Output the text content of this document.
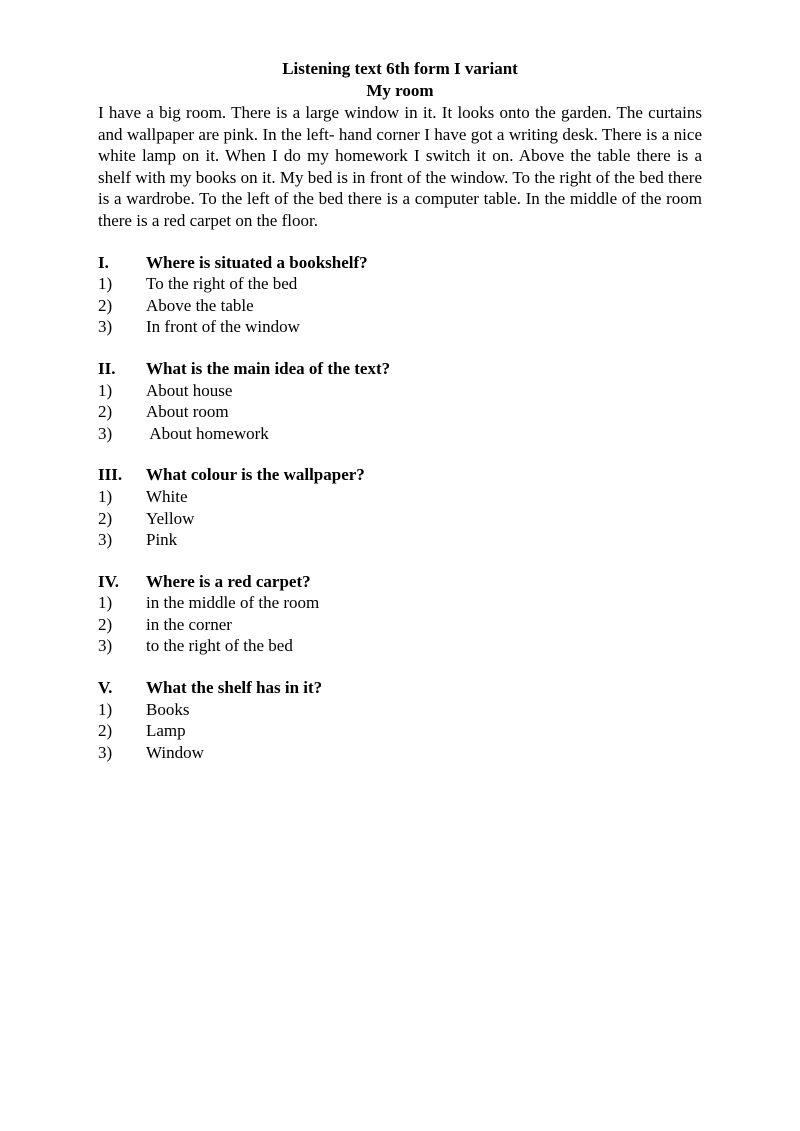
Listening text 6th form I variant
My room

I have a big room. There is a large window in it. It looks onto the garden. The curtains and wallpaper are pink. In the left- hand corner I have got a writing desk. There is a nice white lamp on it. When I do my homework I switch it on. Above the table there is a shelf with my books on it. My bed is in front of the window. To the right of the bed there is a wardrobe. To the left of the bed there is a computer table. In the middle of the room there is a red carpet on the floor.

I.	Where is situated a bookshelf?
1)	To the right of the bed
2)	Above the table
3)	In front of the window
II.	What is the main idea of the text?
1)	About house
2)	About room
3)	About homework
III.	What colour is the wallpaper?
1)	White
2)	Yellow
3)	Pink
IV.	Where is a red carpet?
1)	in the middle of the room
2)	in the corner
3)	to the right of the bed
V.	What the shelf has in it?
1)	Books
2)	Lamp
3)	Window
